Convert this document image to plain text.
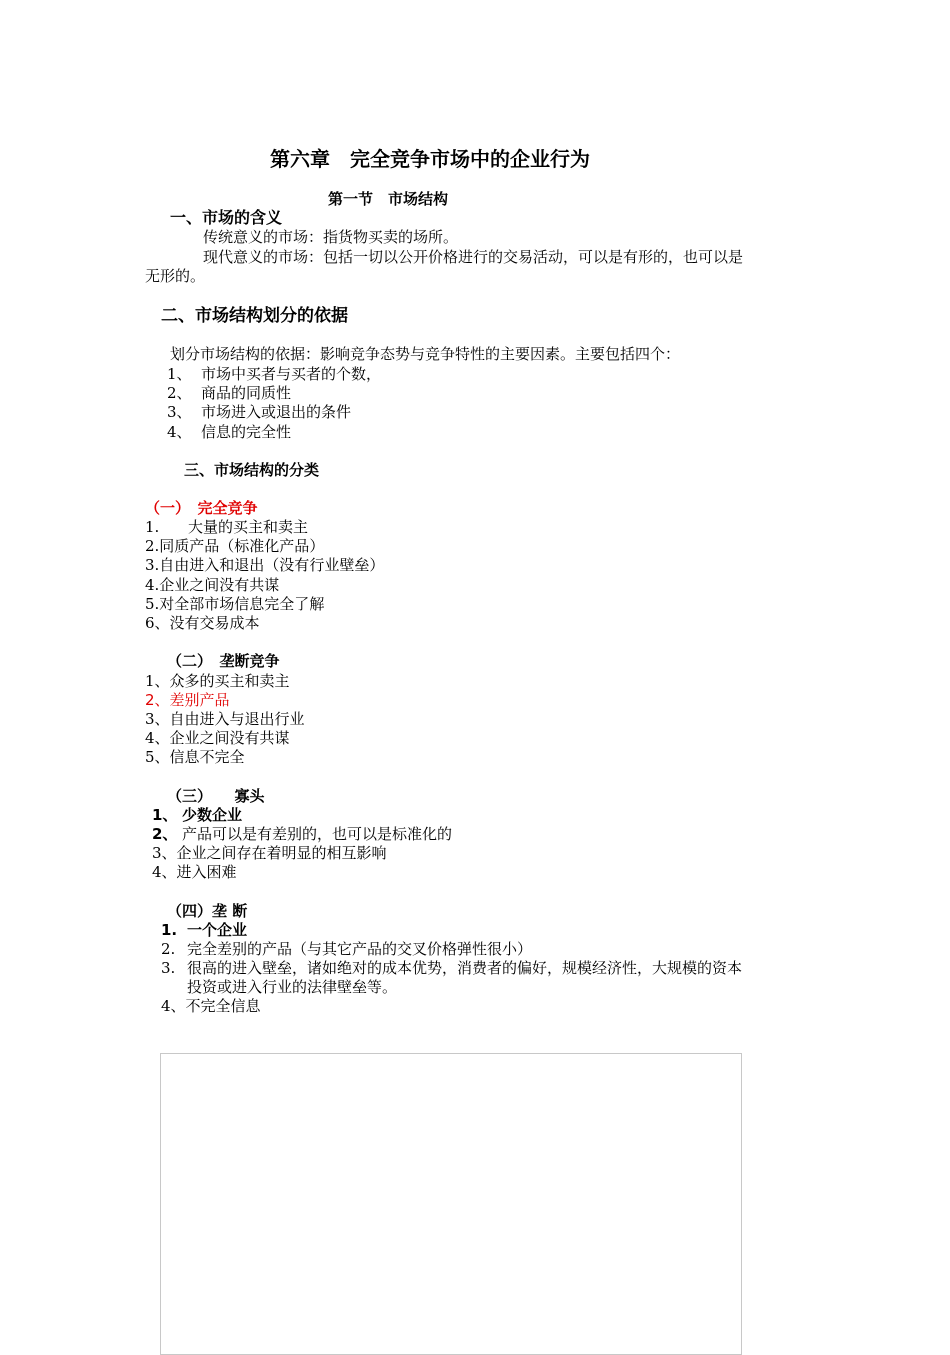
第六章　完全竞争市场中的企业行为
第一节　市场结构
一、市场的含义
传统意义的市场：指货物买卖的场所。
现代意义的市场：包括一切以公开价格进行的交易活动，可以是有形的，也可以是
无形的。
二、市场结构划分的依据
划分市场结构的依据：影响竞争态势与竞争特性的主要因素。主要包括四个：
1、 市场中买者与买者的个数，
2、 商品的同质性
3、 市场进入或退出的条件
4、 信息的完全性
三、市场结构的分类
（一）　完全竞争
1. 大量的买主和卖主
2.同质产品（标准化产品）
3.自由进入和退出（没有行业壁垒）
4.企业之间没有共谋
5.对全部市场信息完全了解
6、没有交易成本
（二）　垄断竞争
1、众多的买主和卖主
2、差别产品
3、自由进入与退出行业
4、企业之间没有共谋
5、信息不完全
（三）　　寡头
1、 少数企业
2、 产品可以是有差别的，也可以是标准化的
3、企业之间存在着明显的相互影响
4、进入困难
（四）垄 断
1. 一个企业
2. 完全差别的产品（与其它产品的交叉价格弹性很小）
3. 很高的进入壁垒，诸如绝对的成本优势，消费者的偏好，规模经济性，大规模的资本
投资或进入行业的法律壁垒等。
4、不完全信息
